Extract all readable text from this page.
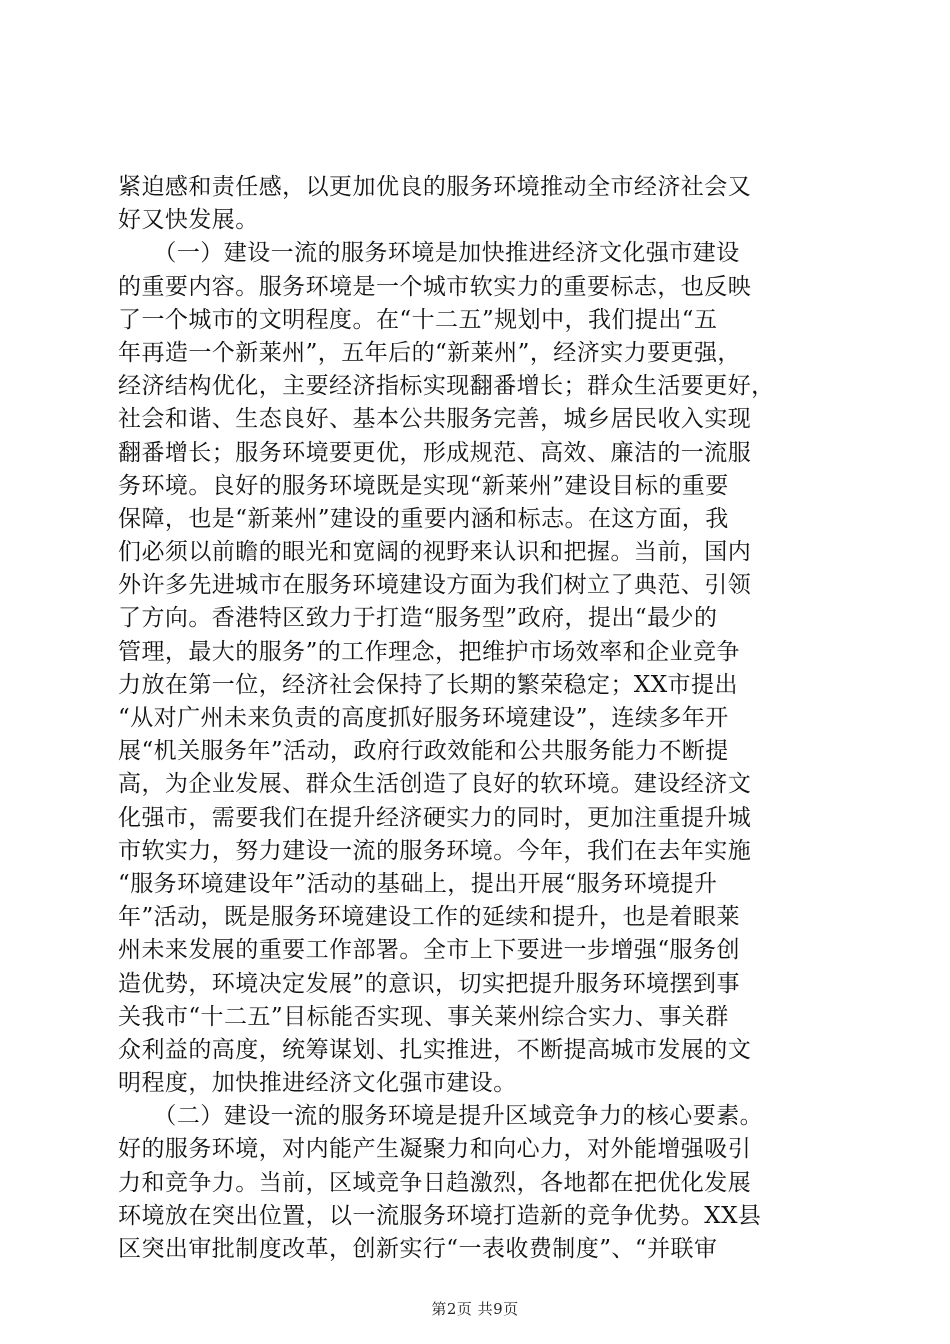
紧迫感和责任感，以更加优良的服务环境推动全市经济社会又
好又快发展。
　　（一）建设一流的服务环境是加快推进经济文化强市建设
的重要内容。服务环境是一个城市软实力的重要标志，也反映
了一个城市的文明程度。在“十二五”规划中，我们提出“五
年再造一个新莱州”，五年后的“新莱州”，经济实力要更强，
经济结构优化，主要经济指标实现翻番增长；群众生活要更好，
社会和谐、生态良好、基本公共服务完善，城乡居民收入实现
翻番增长；服务环境要更优，形成规范、高效、廉洁的一流服
务环境。良好的服务环境既是实现“新莱州”建设目标的重要
保障，也是“新莱州”建设的重要内涵和标志。在这方面，我
们必须以前瞻的眼光和宽阔的视野来认识和把握。当前，国内
外许多先进城市在服务环境建设方面为我们树立了典范、引领
了方向。香港特区致力于打造“服务型”政府，提出“最少的
管理，最大的服务”的工作理念，把维护市场效率和企业竞争
力放在第一位，经济社会保持了长期的繁荣稳定；XX市提出
“从对广州未来负责的高度抓好服务环境建设”，连续多年开
展“机关服务年”活动，政府行政效能和公共服务能力不断提
高，为企业发展、群众生活创造了良好的软环境。建设经济文
化强市，需要我们在提升经济硬实力的同时，更加注重提升城
市软实力，努力建设一流的服务环境。今年，我们在去年实施
“服务环境建设年”活动的基础上，提出开展“服务环境提升
年”活动，既是服务环境建设工作的延续和提升，也是着眼莱
州未来发展的重要工作部署。全市上下要进一步增强“服务创
造优势，环境决定发展”的意识，切实把提升服务环境摆到事
关我市“十二五”目标能否实现、事关莱州综合实力、事关群
众利益的高度，统筹谋划、扎实推进，不断提高城市发展的文
明程度，加快推进经济文化强市建设。
　　（二）建设一流的服务环境是提升区域竞争力的核心要素。
好的服务环境，对内能产生凝聚力和向心力，对外能增强吸引
力和竞争力。当前，区域竞争日趋激烈，各地都在把优化发展
环境放在突出位置，以一流服务环境打造新的竞争优势。XX县
区突出审批制度改革，创新实行“一表收费制度”、“并联审
第2页 共9页
